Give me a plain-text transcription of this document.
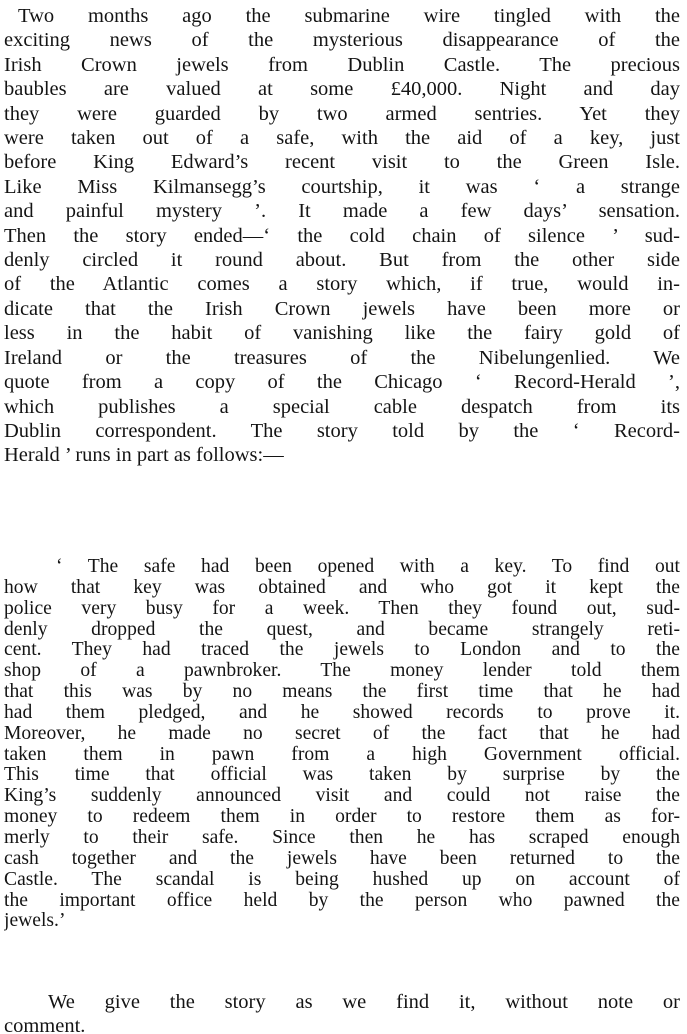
Two months ago the submarine wire tingled with the
exciting news of the mysterious disappearance of the
Irish Crown jewels from Dublin Castle. The precious
baubles are valued at some £40,000. Night and day
they were guarded by two armed sentries. Yet they
were taken out of a safe, with the aid of a key, just
before King Edward’s recent visit to the Green Isle.
Like Miss Kilmansegg’s courtship, it was ‘ a strange
and painful mystery ’. It made a few days’ sensation.
Then the story ended—‘ the cold chain of silence ’ sud-
denly circled it round about. But from the other side
of the Atlantic comes a story which, if true, would in-
dicate that the Irish Crown jewels have been more or
less in the habit of vanishing like the fairy gold of
Ireland or the treasures of the Nibelungenlied. We
quote from a copy of the Chicago ‘ Record-Herald ’,
which publishes a special cable despatch from its
Dublin correspondent. The story told by the ‘ Record-
Herald ’ runs in part as follows:—

‘ The safe had been opened with a key. To find out
how that key was obtained and who got it kept the
police very busy for a week. Then they found out, sud-
denly dropped the quest, and became strangely reti-
cent. They had traced the jewels to London and to the
shop of a pawnbroker. The money lender told them
that this was by no means the first time that he had
had them pledged, and he showed records to prove it.
Moreover, he made no secret of the fact that he had
taken them in pawn from a high Government official.
This time that official was taken by surprise by the
King’s suddenly announced visit and could not raise the
money to redeem them in order to restore them as for-
merly to their safe. Since then he has scraped enough
cash together and the jewels have been returned to the
Castle. The scandal is being hushed up on account of
the important office held by the person who pawned the
jewels.’

We give the story as we find it, without note or
comment.
